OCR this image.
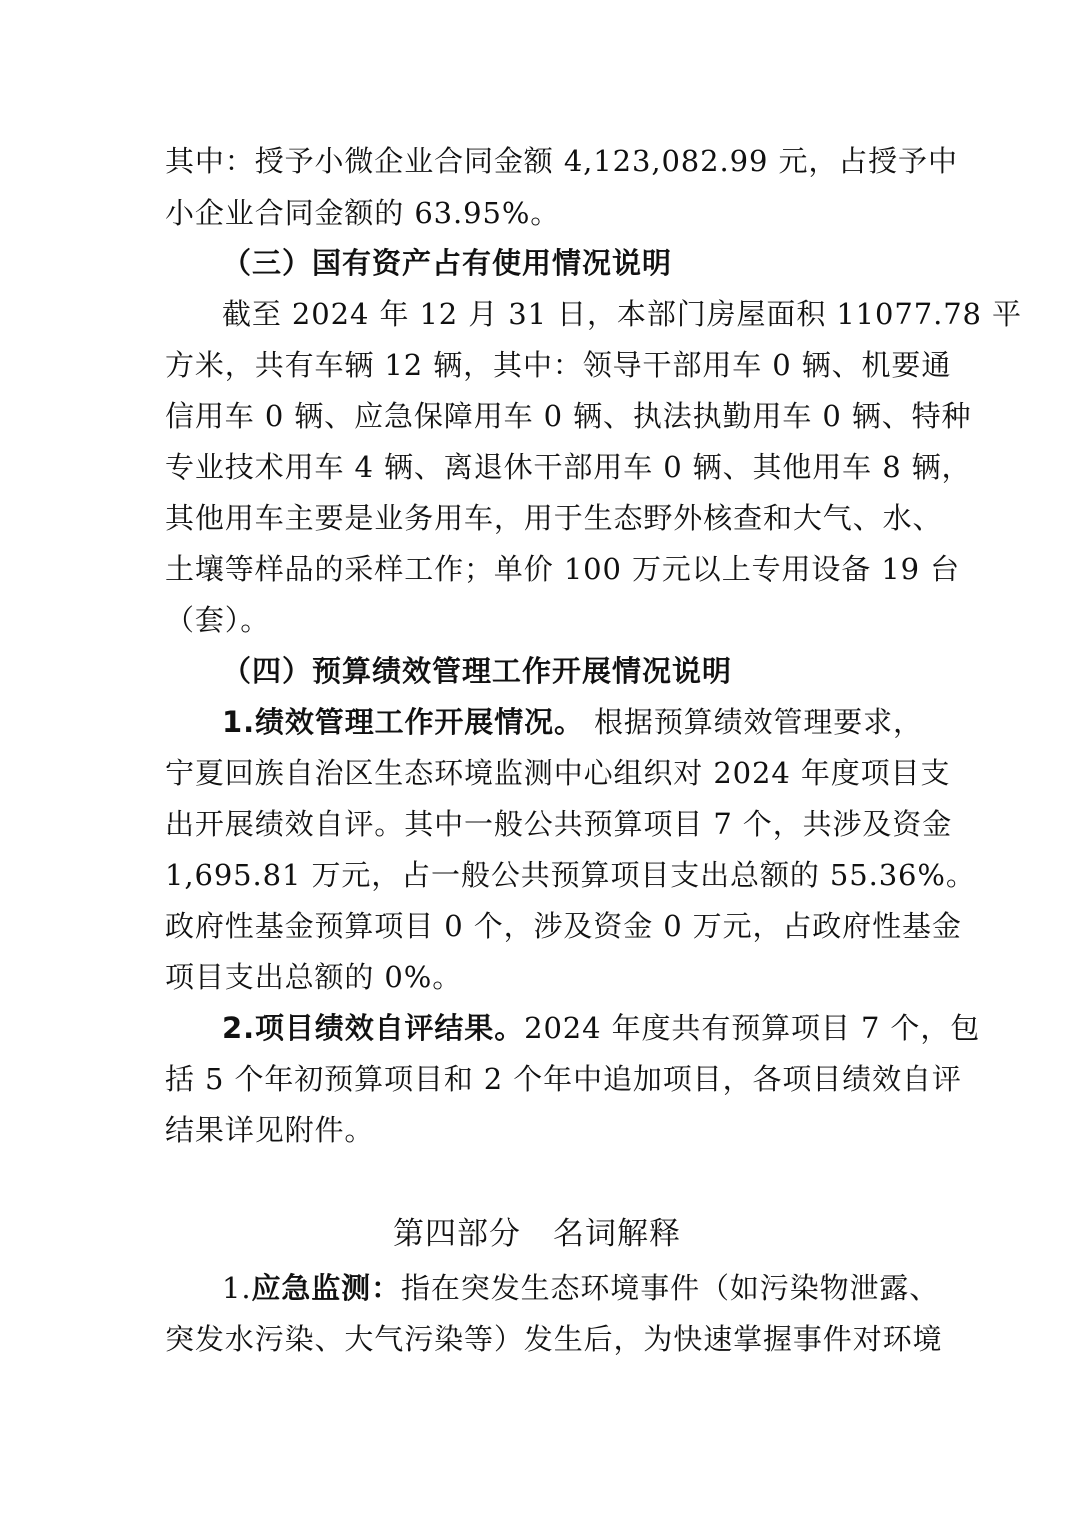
其中：授予小微企业合同金额 4,123,082.99 元，占授予中
小企业合同金额的 63.95%。
（三）国有资产占有使用情况说明
截至 2024 年 12 月 31 日，本部门房屋面积 11077.78 平
方米，共有车辆 12 辆，其中：领导干部用车 0 辆、机要通
信用车 0 辆、应急保障用车 0 辆、执法执勤用车 0 辆、特种
专业技术用车 4 辆、离退休干部用车 0 辆、其他用车 8 辆，
其他用车主要是业务用车，用于生态野外核查和大气、水、
土壤等样品的采样工作；单价 100 万元以上专用设备 19 台
（套）。
（四）预算绩效管理工作开展情况说明
1.绩效管理工作开展情况。 根据预算绩效管理要求，
宁夏回族自治区生态环境监测中心组织对 2024 年度项目支
出开展绩效自评。其中一般公共预算项目 7 个，共涉及资金
1,695.81 万元，占一般公共预算项目支出总额的 55.36%。
政府性基金预算项目 0 个，涉及资金 0 万元，占政府性基金
项目支出总额的 0%。
2.项目绩效自评结果。2024 年度共有预算项目 7 个，包
括 5 个年初预算项目和 2 个年中追加项目，各项目绩效自评
结果详见附件。
第四部分　名词解释
1.应急监测：指在突发生态环境事件（如污染物泄露、
突发水污染、大气污染等）发生后，为快速掌握事件对环境
